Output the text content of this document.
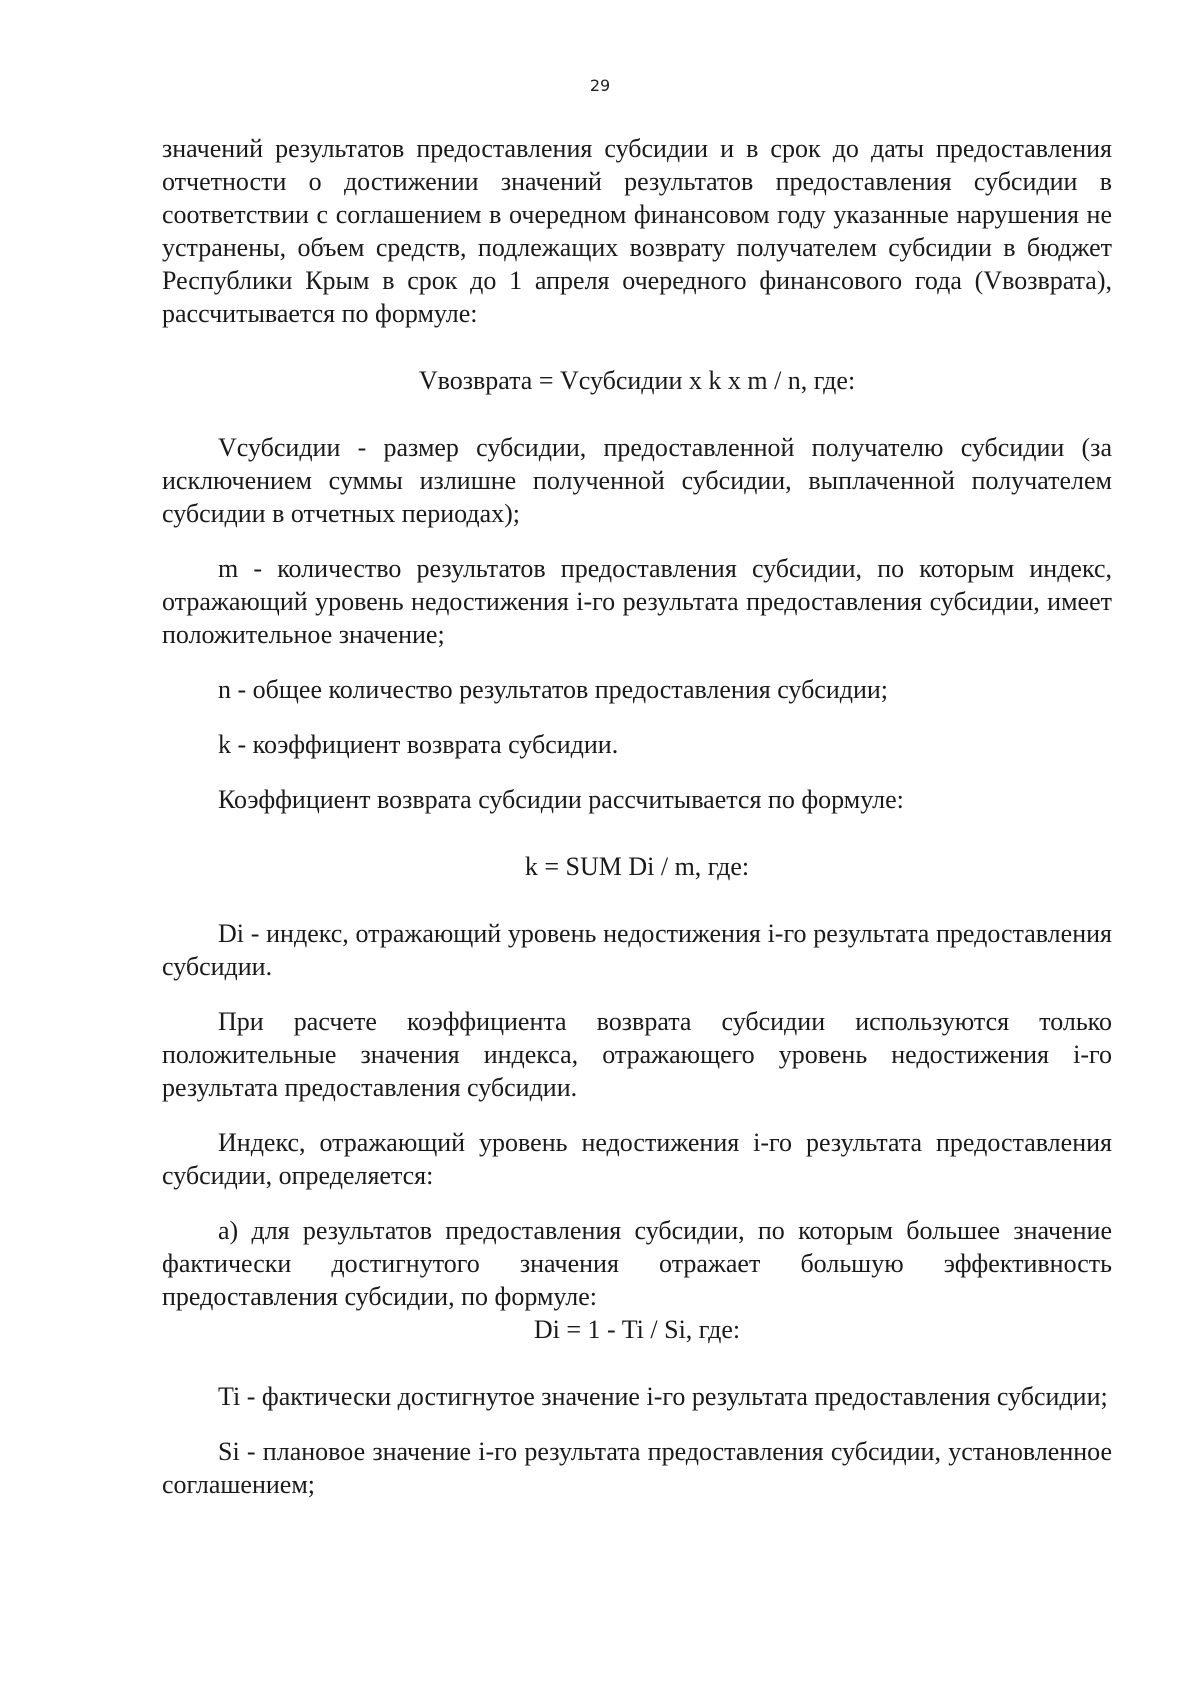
29

значений результатов предоставления субсидии и в срок до даты предоставления отчетности о достижении значений результатов предоставления субсидии в соответствии с соглашением в очередном финансовом году указанные нарушения не устранены, объем средств, подлежащих возврату получателем субсидии в бюджет Республики Крым в срок до 1 апреля очередного финансового года (Vвозврата), рассчитывается по формуле:

Vвозврата = Vсубсидии x k x m / n, где:

Vсубсидии - размер субсидии, предоставленной получателю субсидии (за исключением суммы излишне полученной субсидии, выплаченной получателем субсидии в отчетных периодах);

m - количество результатов предоставления субсидии, по которым индекс, отражающий уровень недостижения i-го результата предоставления субсидии, имеет положительное значение;

n - общее количество результатов предоставления субсидии;

k - коэффициент возврата субсидии.

Коэффициент возврата субсидии рассчитывается по формуле:

k = SUM Di / m, где:

Di - индекс, отражающий уровень недостижения i-го результата предоставления субсидии.

При расчете коэффициента возврата субсидии используются только положительные значения индекса, отражающего уровень недостижения i-го результата предоставления субсидии.

Индекс, отражающий уровень недостижения i-го результата предоставления субсидии, определяется:

а) для результатов предоставления субсидии, по которым большее значение фактически достигнутого значения отражает большую эффективность предоставления субсидии, по формуле:

Di = 1 - Ti / Si, где:

Ti - фактически достигнутое значение i-го результата предоставления субсидии;

Si - плановое значение i-го результата предоставления субсидии, установленное соглашением;
